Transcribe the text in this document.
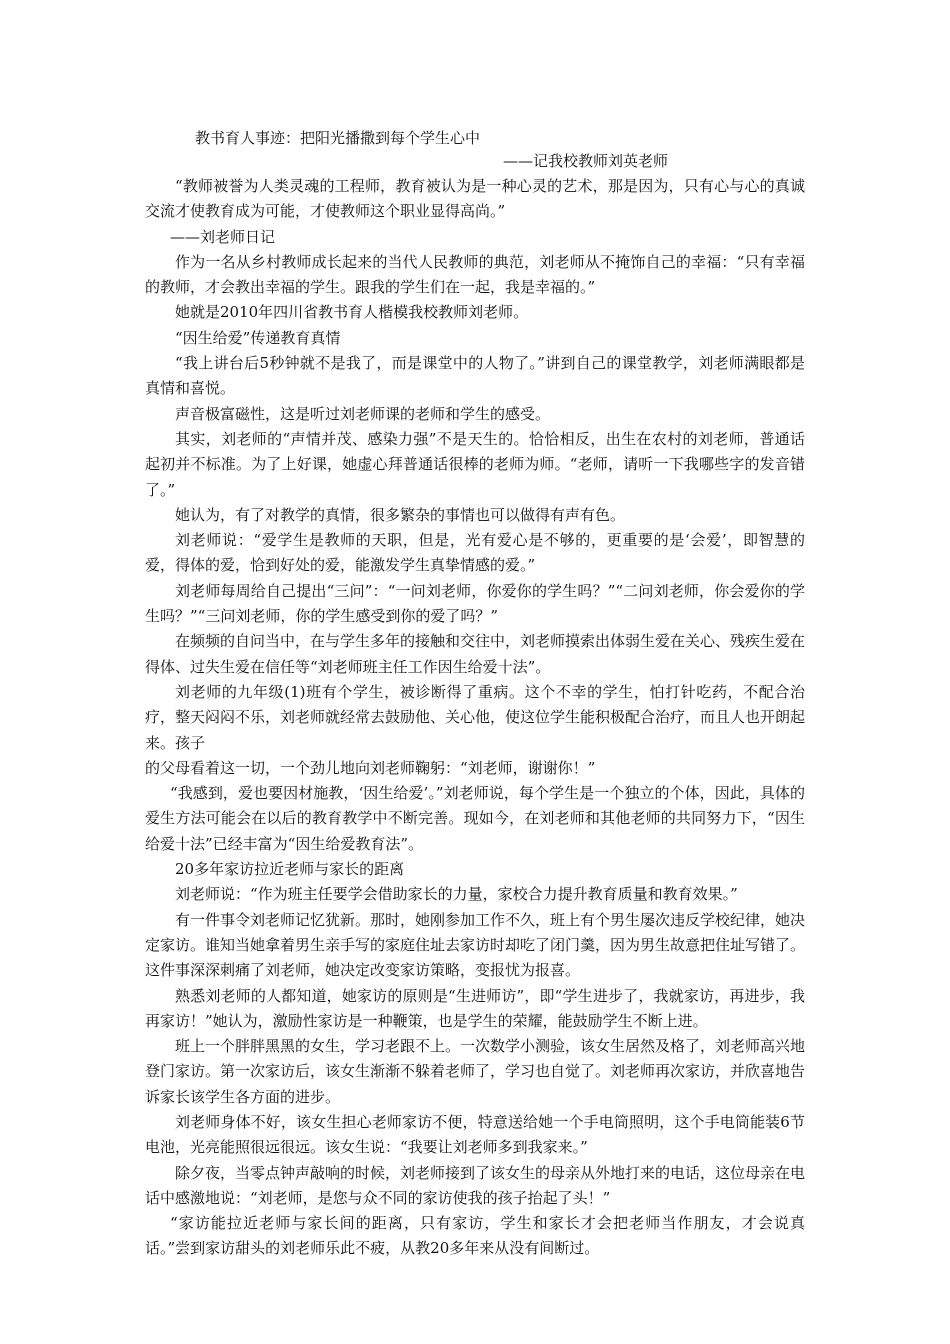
教书育人事迹：把阳光播撒到每个学生心中
——记我校教师刘英老师

“教师被誉为人类灵魂的工程师，教育被认为是一种心灵的艺术，那是因为，只有心与心的真诚交流才使教育成为可能，才使教师这个职业显得高尚。”

——刘老师日记

作为一名从乡村教师成长起来的当代人民教师的典范，刘老师从不掩饰自己的幸福：“只有幸福的教师，才会教出幸福的学生。跟我的学生们在一起，我是幸福的。”

她就是2010年四川省教书育人楷模我校教师刘老师。

“因生给爱”传递教育真情

“我上讲台后5秒钟就不是我了，而是课堂中的人物了。”讲到自己的课堂教学，刘老师满眼都是真情和喜悦。

声音极富磁性，这是听过刘老师课的老师和学生的感受。

其实，刘老师的“声情并茂、感染力强”不是天生的。恰恰相反，出生在农村的刘老师，普通话起初并不标准。为了上好课，她虚心拜普通话很棒的老师为师。“老师，请听一下我哪些字的发音错了。”

她认为，有了对教学的真情，很多繁杂的事情也可以做得有声有色。

刘老师说：“爱学生是教师的天职，但是，光有爱心是不够的，更重要的是‘会爱’，即智慧的爱，得体的爱，恰到好处的爱，能激发学生真挚情感的爱。”

刘老师每周给自己提出“三问”：“一问刘老师，你爱你的学生吗？”“二问刘老师，你会爱你的学生吗？”“三问刘老师，你的学生感受到你的爱了吗？”

在频频的自问当中，在与学生多年的接触和交往中，刘老师摸索出体弱生爱在关心、残疾生爱在得体、过失生爱在信任等“刘老师班主任工作因生给爱十法”。

刘老师的九年级(1)班有个学生，被诊断得了重病。这个不幸的学生，怕打针吃药，不配合治疗，整天闷闷不乐，刘老师就经常去鼓励他、关心他，使这位学生能积极配合治疗，而且人也开朗起来。孩子

的父母看着这一切，一个劲儿地向刘老师鞠躬：“刘老师，谢谢你！”

“我感到，爱也要因材施教，‘因生给爱’。”刘老师说，每个学生是一个独立的个体，因此，具体的爱生方法可能会在以后的教育教学中不断完善。现如今，在刘老师和其他老师的共同努力下，“因生给爱十法”已经丰富为“因生给爱教育法”。

20多年家访拉近老师与家长的距离

刘老师说：“作为班主任要学会借助家长的力量，家校合力提升教育质量和教育效果。”

有一件事令刘老师记忆犹新。那时，她刚参加工作不久，班上有个男生屡次违反学校纪律，她决定家访。谁知当她拿着男生亲手写的家庭住址去家访时却吃了闭门羹，因为男生故意把住址写错了。这件事深深刺痛了刘老师，她决定改变家访策略，变报忧为报喜。

熟悉刘老师的人都知道，她家访的原则是“生进师访”，即“学生进步了，我就家访，再进步，我再家访！”她认为，激励性家访是一种鞭策，也是学生的荣耀，能鼓励学生不断上进。

班上一个胖胖黑黑的女生，学习老跟不上。一次数学小测验，该女生居然及格了，刘老师高兴地登门家访。第一次家访后，该女生渐渐不躲着老师了，学习也自觉了。刘老师再次家访，并欣喜地告诉家长该学生各方面的进步。

刘老师身体不好，该女生担心老师家访不便，特意送给她一个手电筒照明，这个手电筒能装6节电池，光亮能照很远很远。该女生说：“我要让刘老师多到我家来。”

除夕夜，当零点钟声敲响的时候，刘老师接到了该女生的母亲从外地打来的电话，这位母亲在电话中感激地说：“刘老师，是您与众不同的家访使我的孩子抬起了头！”

“家访能拉近老师与家长间的距离，只有家访，学生和家长才会把老师当作朋友，才会说真话。”尝到家访甜头的刘老师乐此不疲，从教20多年来从没有间断过。
